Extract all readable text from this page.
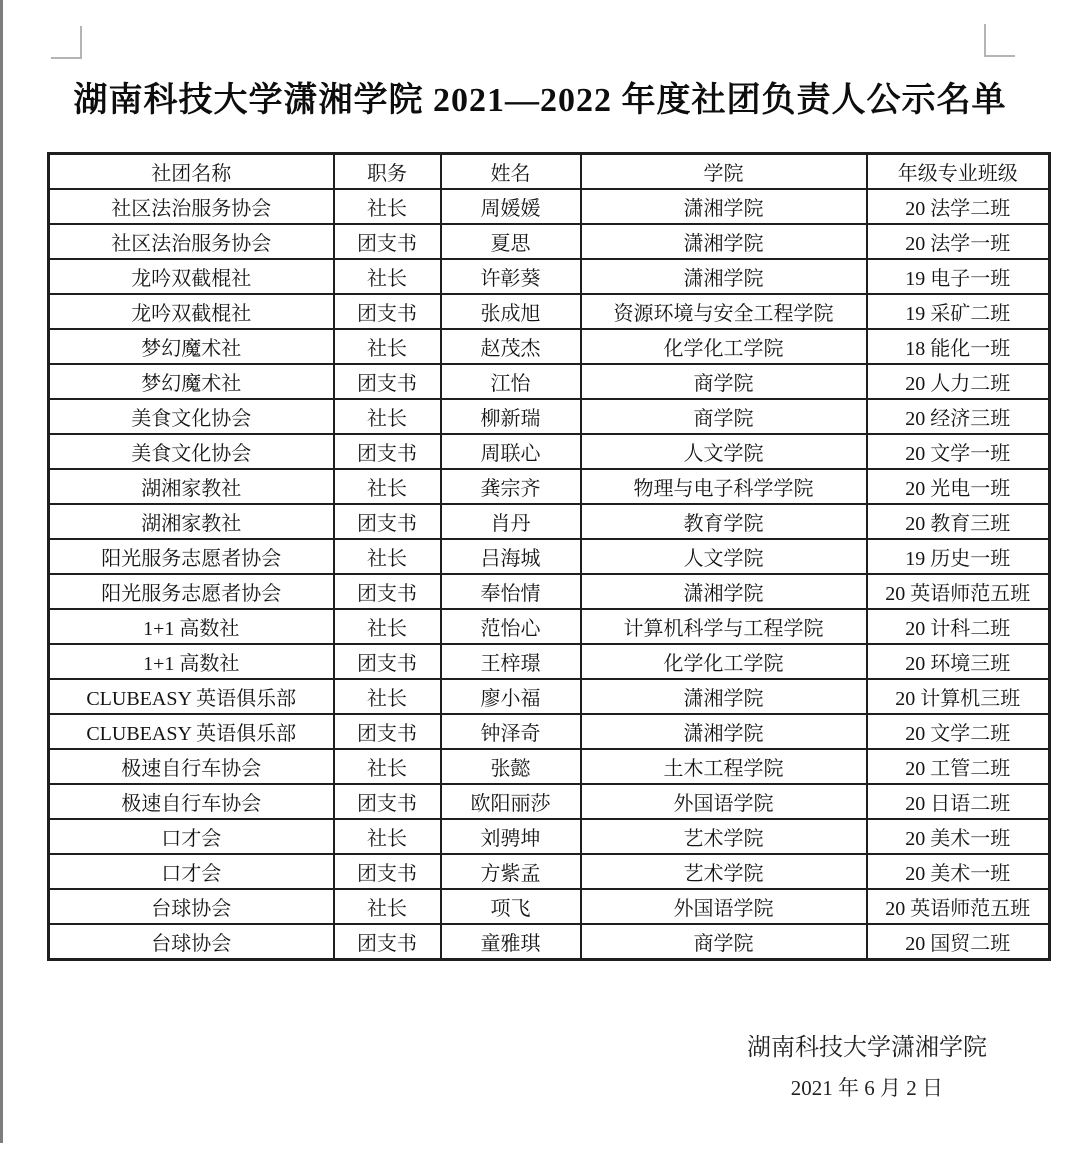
湖南科技大学潇湘学院 2021—2022 年度社团负责人公示名单
社团名称	职务	姓名	学院	年级专业班级
社区法治服务协会	社长	周媛媛	潇湘学院	20 法学二班
社区法治服务协会	团支书	夏思	潇湘学院	20 法学一班
龙吟双截棍社	社长	许彰葵	潇湘学院	19 电子一班
龙吟双截棍社	团支书	张成旭	资源环境与安全工程学院	19 采矿二班
梦幻魔术社	社长	赵茂杰	化学化工学院	18 能化一班
梦幻魔术社	团支书	江怡	商学院	20 人力二班
美食文化协会	社长	柳新瑞	商学院	20 经济三班
美食文化协会	团支书	周联心	人文学院	20 文学一班
湖湘家教社	社长	龚宗齐	物理与电子科学学院	20 光电一班
湖湘家教社	团支书	肖丹	教育学院	20 教育三班
阳光服务志愿者协会	社长	吕海城	人文学院	19 历史一班
阳光服务志愿者协会	团支书	奉怡情	潇湘学院	20 英语师范五班
1+1 高数社	社长	范怡心	计算机科学与工程学院	20 计科二班
1+1 高数社	团支书	王梓璟	化学化工学院	20 环境三班
CLUBEASY 英语俱乐部	社长	廖小福	潇湘学院	20 计算机三班
CLUBEASY 英语俱乐部	团支书	钟泽奇	潇湘学院	20 文学二班
极速自行车协会	社长	张懿	土木工程学院	20 工管二班
极速自行车协会	团支书	欧阳丽莎	外国语学院	20 日语二班
口才会	社长	刘骋坤	艺术学院	20 美术一班
口才会	团支书	方紫孟	艺术学院	20 美术一班
台球协会	社长	项飞	外国语学院	20 英语师范五班
台球协会	团支书	童雅琪	商学院	20 国贸二班
湖南科技大学潇湘学院
2021 年 6 月 2 日
